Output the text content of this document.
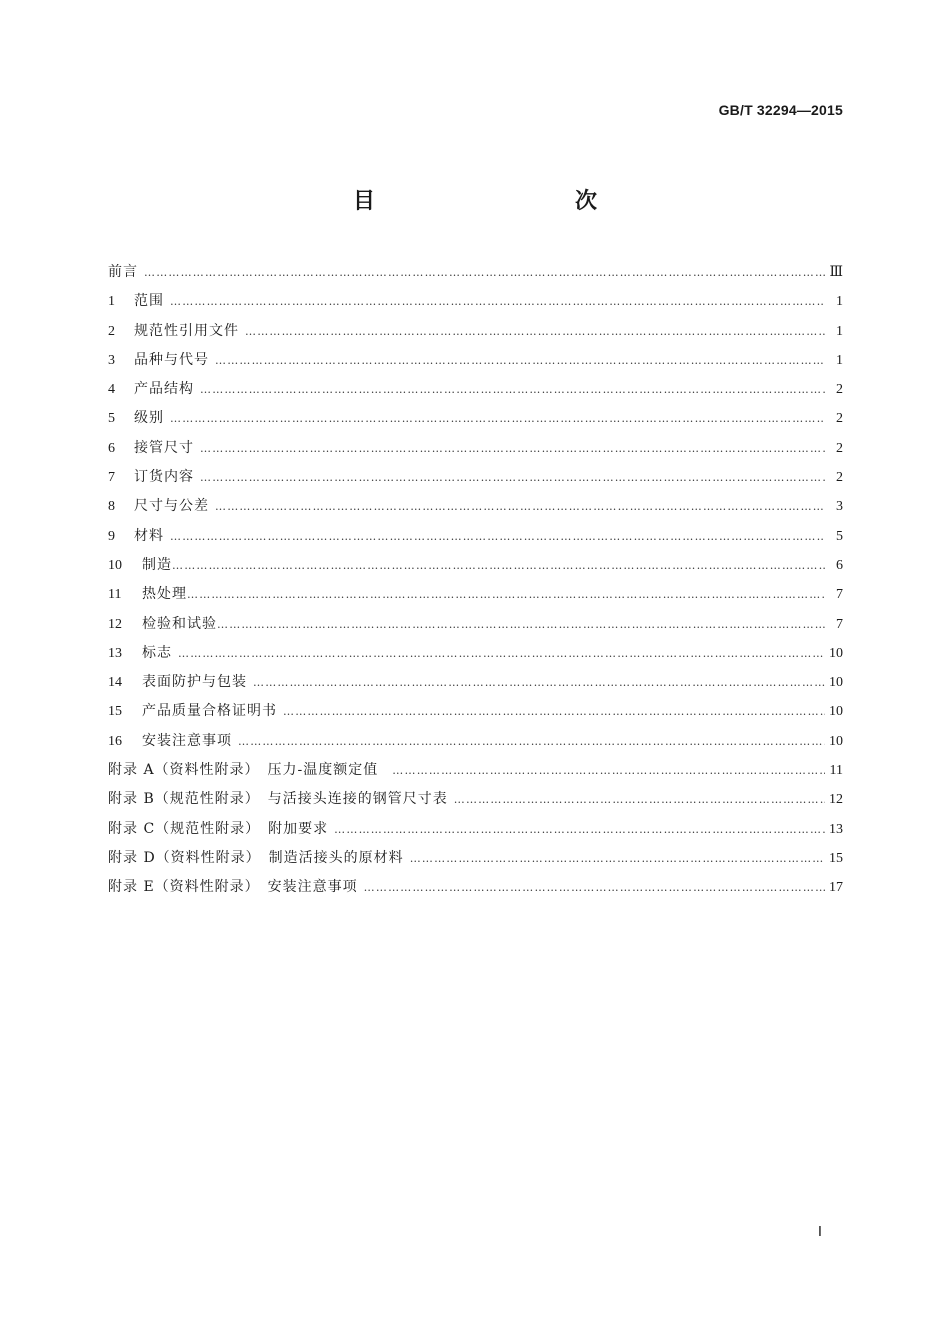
GB/T 32294—2015
目　　次
前言 …………………………………………………………………………………………………………………………………………………………………………………………………	Ⅲ
1	范围 …………………………………………………………………………………………………………………………………………………………………………………………………	1
2	规范性引用文件 …………………………………………………………………………………………………………………………………………………………………………………………………	1
3	品种与代号 …………………………………………………………………………………………………………………………………………………………………………………………………	1
4	产品结构 …………………………………………………………………………………………………………………………………………………………………………………………………	2
5	级别 …………………………………………………………………………………………………………………………………………………………………………………………………	2
6	接管尺寸 …………………………………………………………………………………………………………………………………………………………………………………………………	2
7	订货内容 …………………………………………………………………………………………………………………………………………………………………………………………………	2
8	尺寸与公差 …………………………………………………………………………………………………………………………………………………………………………………………………	3
9	材料 …………………………………………………………………………………………………………………………………………………………………………………………………	5
10	制造 …………………………………………………………………………………………………………………………………………………………………………………………………	6
11	热处理 …………………………………………………………………………………………………………………………………………………………………………………………………	7
12	检验和试验 …………………………………………………………………………………………………………………………………………………………………………………………………	7
13	标志 …………………………………………………………………………………………………………………………………………………………………………………………………	10
14	表面防护与包装 …………………………………………………………………………………………………………………………………………………………………………………………………	10
15	产品质量合格证明书 …………………………………………………………………………………………………………………………………………………………………………………………………	10
16	安装注意事项 …………………………………………………………………………………………………………………………………………………………………………………………………	10
附录 A（资料性附录）　压力-温度额定值 …………………………………………………………………………………………………………………………………………………………………………………………………	11
附录 B（规范性附录）　与活接头连接的钢管尺寸表 …………………………………………………………………………………………………………………………………………………………………………………………………	12
附录 C（规范性附录）　附加要求 …………………………………………………………………………………………………………………………………………………………………………………………………	13
附录 D（资料性附录）　制造活接头的原材料 …………………………………………………………………………………………………………………………………………………………………………………………………	15
附录 E（资料性附录）　安装注意事项 …………………………………………………………………………………………………………………………………………………………………………………………………	17
Ⅰ
